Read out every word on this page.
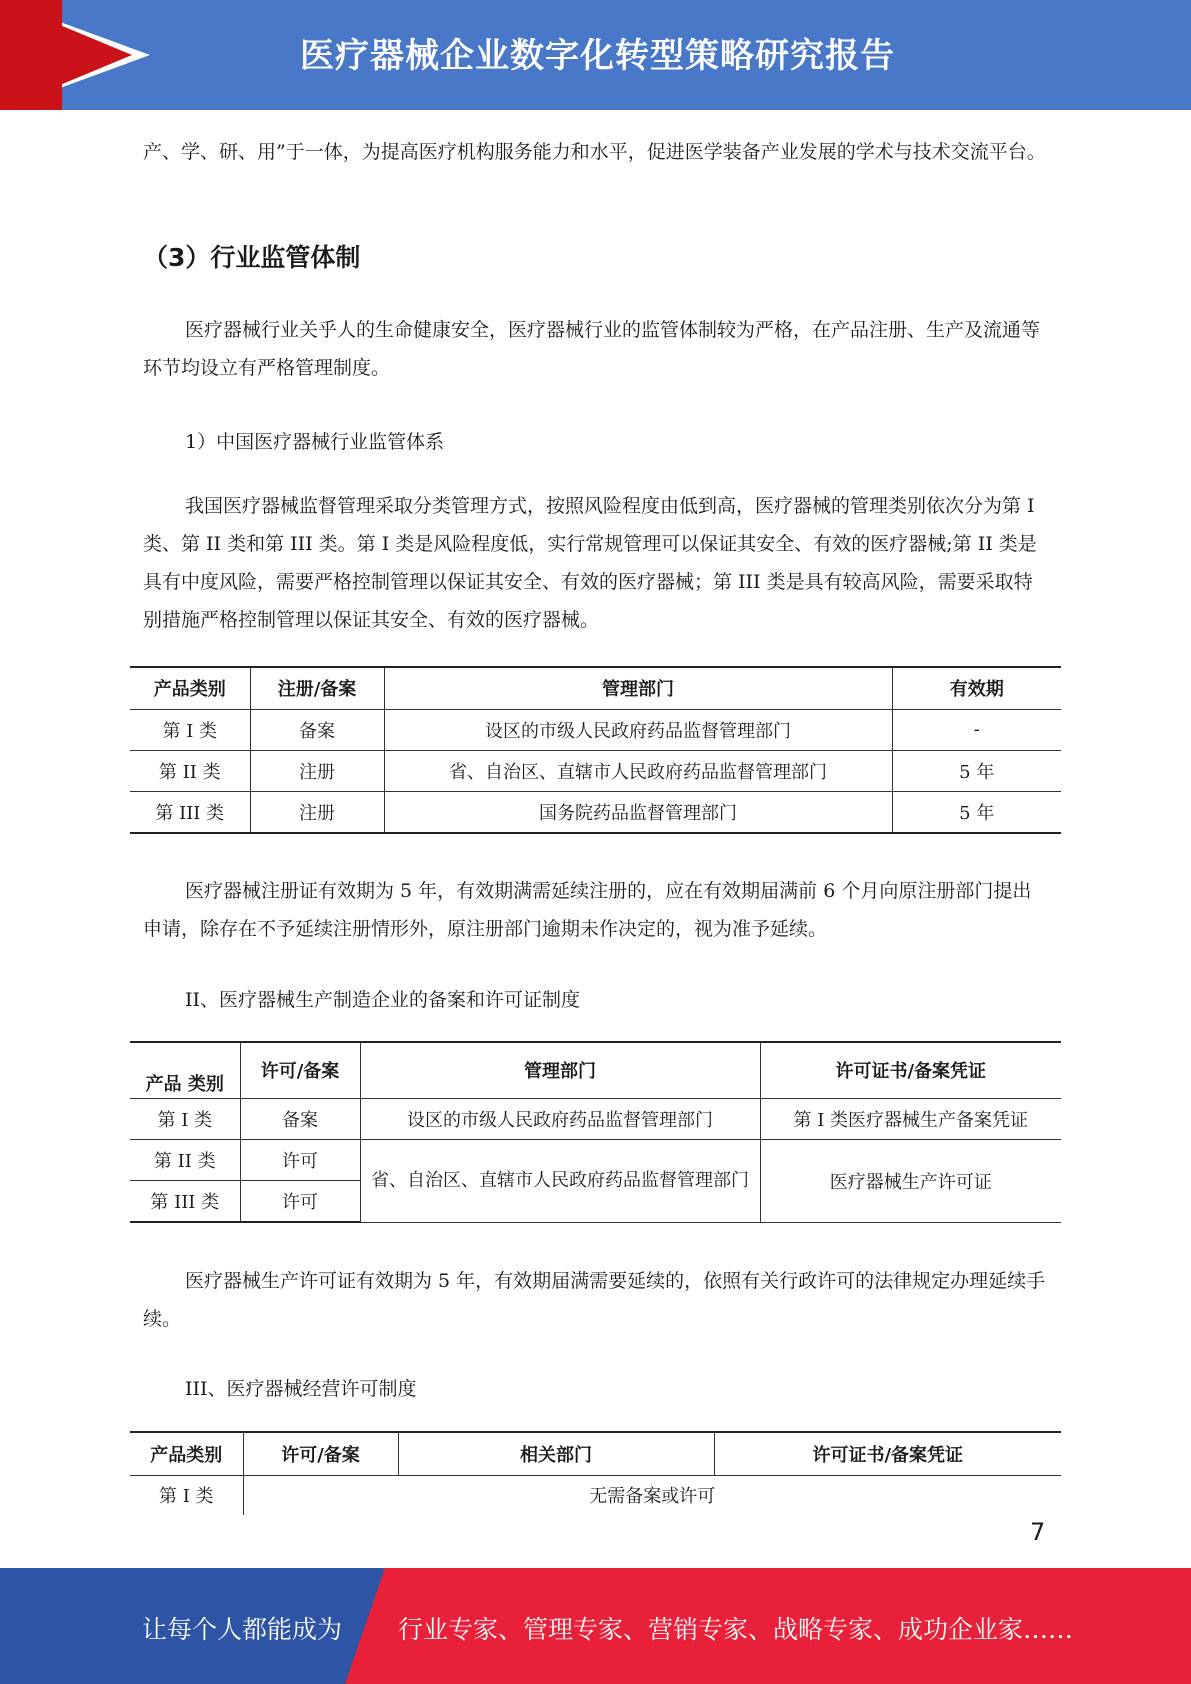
医疗器械企业数字化转型策略研究报告

产、学、研、用”于一体，为提高医疗机构服务能力和水平，促进医学装备产业发展的学术与技术交流平台。

（3）行业监管体制

医疗器械行业关乎人的生命健康安全，医疗器械行业的监管体制较为严格，在产品注册、生产及流通等环节均设立有严格管理制度。

1）中国医疗器械行业监管体系

我国医疗器械监督管理采取分类管理方式，按照风险程度由低到高，医疗器械的管理类别依次分为第 I 类、第 II 类和第 III 类。第 I 类是风险程度低，实行常规管理可以保证其安全、有效的医疗器械;第 II 类是具有中度风险，需要严格控制管理以保证其安全、有效的医疗器械；第 III 类是具有较高风险，需要采取特别措施严格控制管理以保证其安全、有效的医疗器械。

产品类别	注册/备案	管理部门	有效期
第 I 类	备案	设区的市级人民政府药品监督管理部门	-
第 II 类	注册	省、自治区、直辖市人民政府药品监督管理部门	5 年
第 III 类	注册	国务院药品监督管理部门	5 年

医疗器械注册证有效期为 5 年，有效期满需延续注册的，应在有效期届满前 6 个月向原注册部门提出申请，除存在不予延续注册情形外，原注册部门逾期未作决定的，视为准予延续。

II、医疗器械生产制造企业的备案和许可证制度

产品 类别	许可/备案	管理部门	许可证书/备案凭证
第 I 类	备案	设区的市级人民政府药品监督管理部门	第 I 类医疗器械生产备案凭证
第 II 类	许可	省、自治区、直辖市人民政府药品监督管理部门	医疗器械生产许可证
第 III 类	许可		

医疗器械生产许可证有效期为 5 年，有效期届满需要延续的，依照有关行政许可的法律规定办理延续手续。

III、医疗器械经营许可制度

产品类别	许可/备案	相关部门	许可证书/备案凭证
第 I 类	无需备案或许可		
7
让每个人都能成为 行业专家、管理专家、营销专家、战略专家、成功企业家……
